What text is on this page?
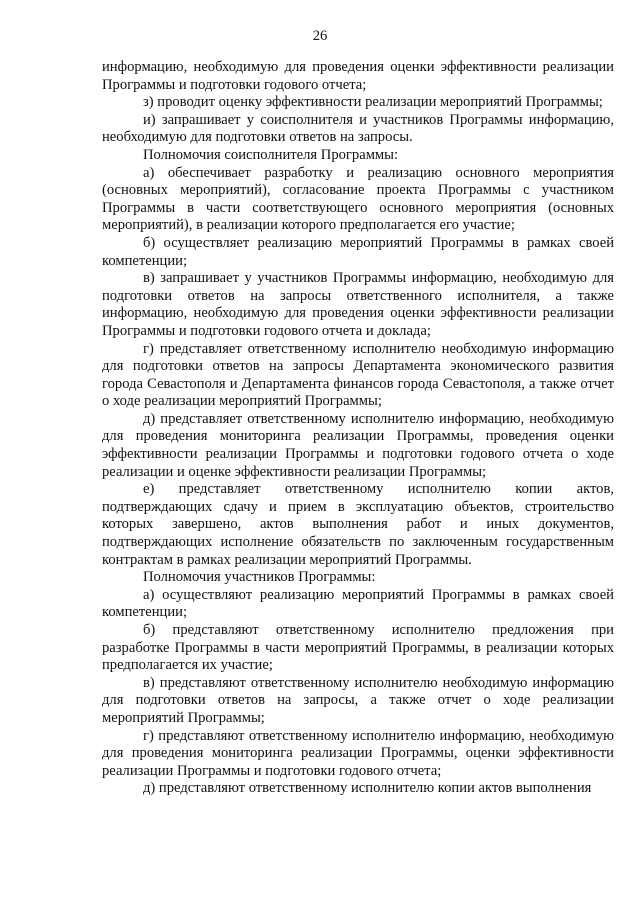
26

информацию, необходимую для проведения оценки эффективности реализации Программы и подготовки годового отчета;

з) проводит оценку эффективности реализации мероприятий Программы;

и) запрашивает у соисполнителя и участников Программы информацию, необходимую для подготовки ответов на запросы.

Полномочия соисполнителя Программы:

а) обеспечивает разработку и реализацию основного мероприятия (основных мероприятий), согласование проекта Программы с участником Программы в части соответствующего основного мероприятия (основных мероприятий), в реализации которого предполагается его участие;

б) осуществляет реализацию мероприятий Программы в рамках своей компетенции;

в) запрашивает у участников Программы информацию, необходимую для подготовки ответов на запросы ответственного исполнителя, а также информацию, необходимую для проведения оценки эффективности реализации Программы и подготовки годового отчета и доклада;

г) представляет ответственному исполнителю необходимую информацию для подготовки ответов на запросы Департамента экономического развития города Севастополя и Департамента финансов города Севастополя, а также отчет о ходе реализации мероприятий Программы;

д) представляет ответственному исполнителю информацию, необходимую для проведения мониторинга реализации Программы, проведения оценки эффективности реализации Программы и подготовки годового отчета о ходе реализации и оценке эффективности реализации Программы;

е) представляет ответственному исполнителю копии актов, подтверждающих сдачу и прием в эксплуатацию объектов, строительство которых завершено, актов выполнения работ и иных документов, подтверждающих исполнение обязательств по заключенным государственным контрактам в рамках реализации мероприятий Программы.

Полномочия участников Программы:

а) осуществляют реализацию мероприятий Программы в рамках своей компетенции;

б) представляют ответственному исполнителю предложения при разработке Программы в части мероприятий Программы, в реализации которых предполагается их участие;

в) представляют ответственному исполнителю необходимую информацию для подготовки ответов на запросы, а также отчет о ходе реализации мероприятий Программы;

г) представляют ответственному исполнителю информацию, необходимую для проведения мониторинга реализации Программы, оценки эффективности реализации Программы и подготовки годового отчета;

д) представляют ответственному исполнителю копии актов выполнения
